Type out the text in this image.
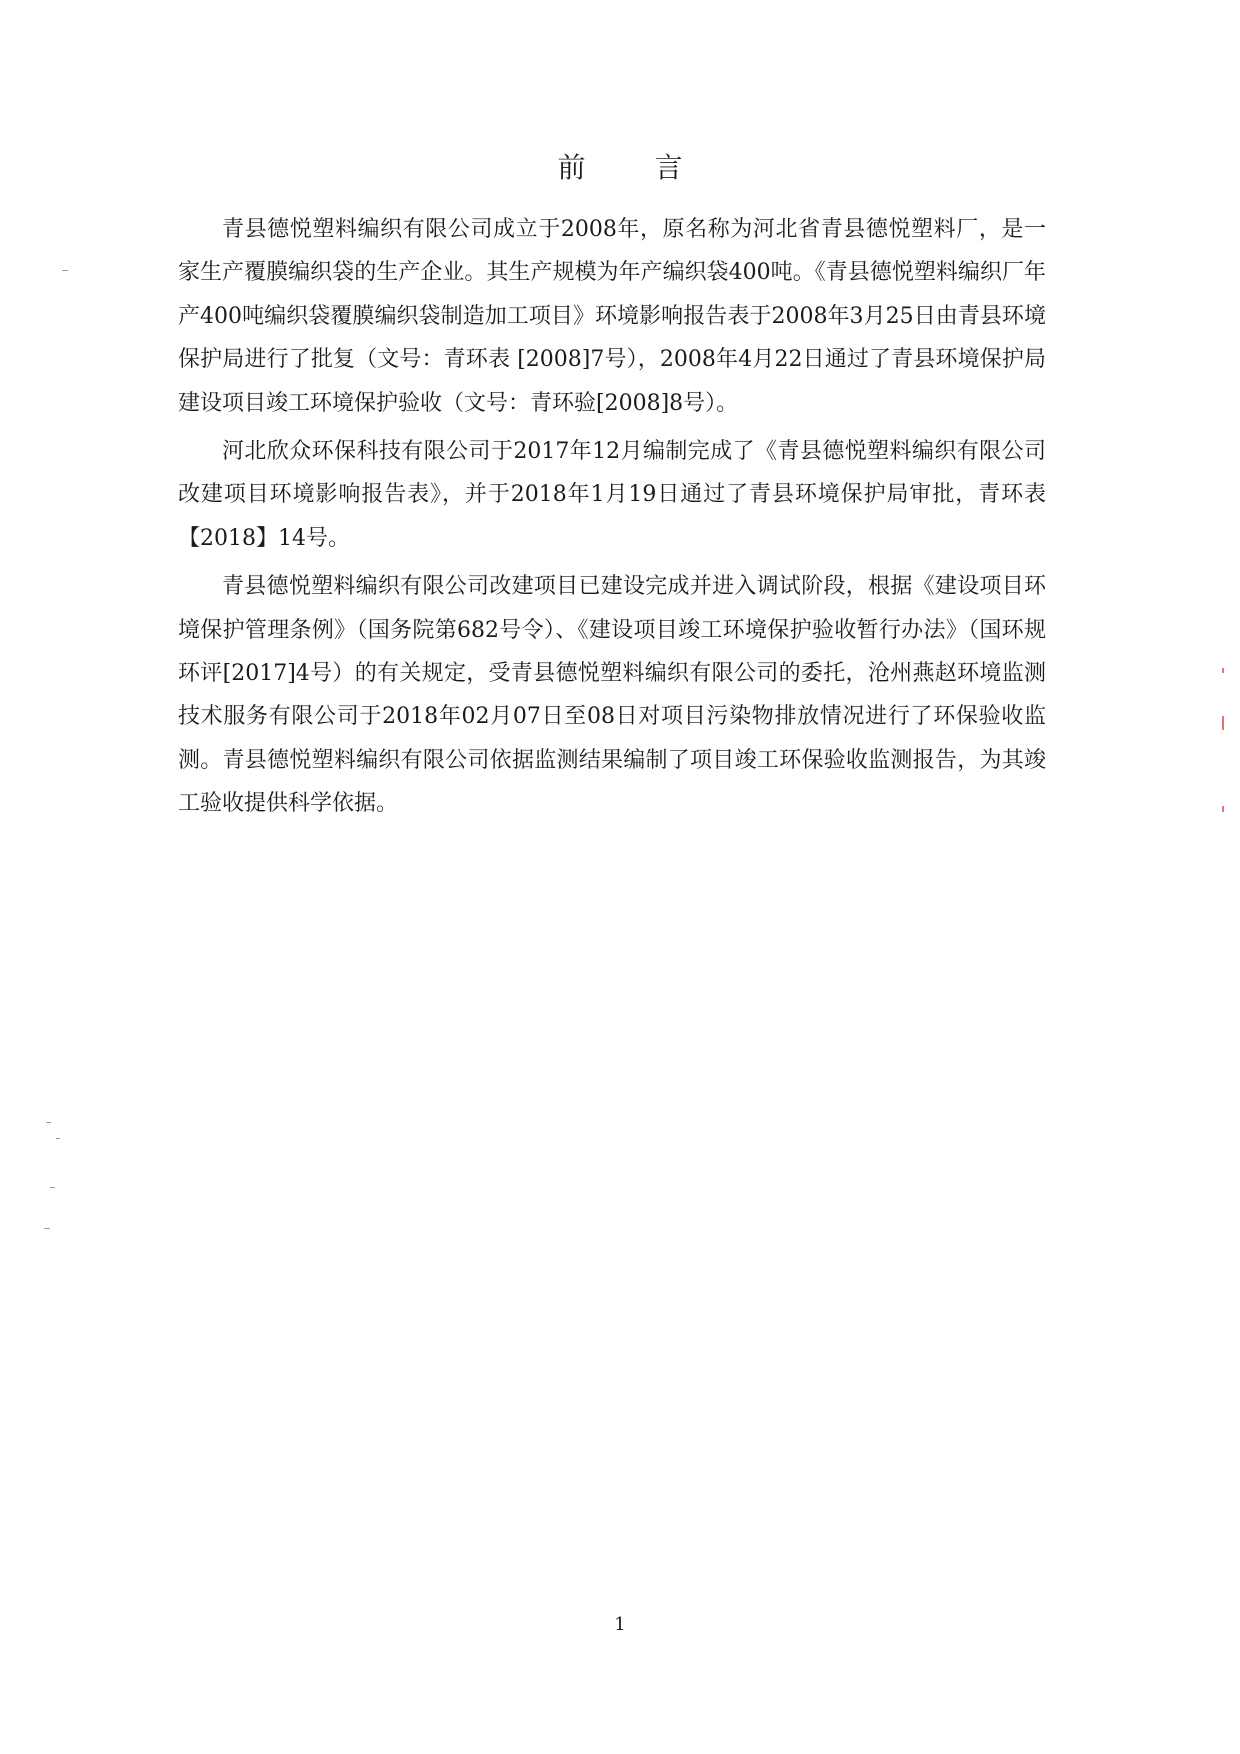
前 言

青县德悦塑料编织有限公司成立于2008年，原名称为河北省青县德悦塑料厂，是一家生产覆膜编织袋的生产企业。其生产规模为年产编织袋400吨。《青县德悦塑料编织厂年产400吨编织袋覆膜编织袋制造加工项目》环境影响报告表于2008年3月25日由青县环境保护局进行了批复（文号：青环表 [2008]7号），2008年4月22日通过了青县环境保护局建设项目竣工环境保护验收（文号：青环验[2008]8号）。

河北欣众环保科技有限公司于2017年12月编制完成了《青县德悦塑料编织有限公司改建项目环境影响报告表》，并于2018年1月19日通过了青县环境保护局审批，青环表【2018】14号。

青县德悦塑料编织有限公司改建项目已建设完成并进入调试阶段，根据《建设项目环境保护管理条例》（国务院第682号令）、《建设项目竣工环境保护验收暂行办法》（国环规环评[2017]4号）的有关规定，受青县德悦塑料编织有限公司的委托，沧州燕赵环境监测技术服务有限公司于2018年02月07日至08日对项目污染物排放情况进行了环保验收监测。青县德悦塑料编织有限公司依据监测结果编制了项目竣工环保验收监测报告，为其竣工验收提供科学依据。

1
